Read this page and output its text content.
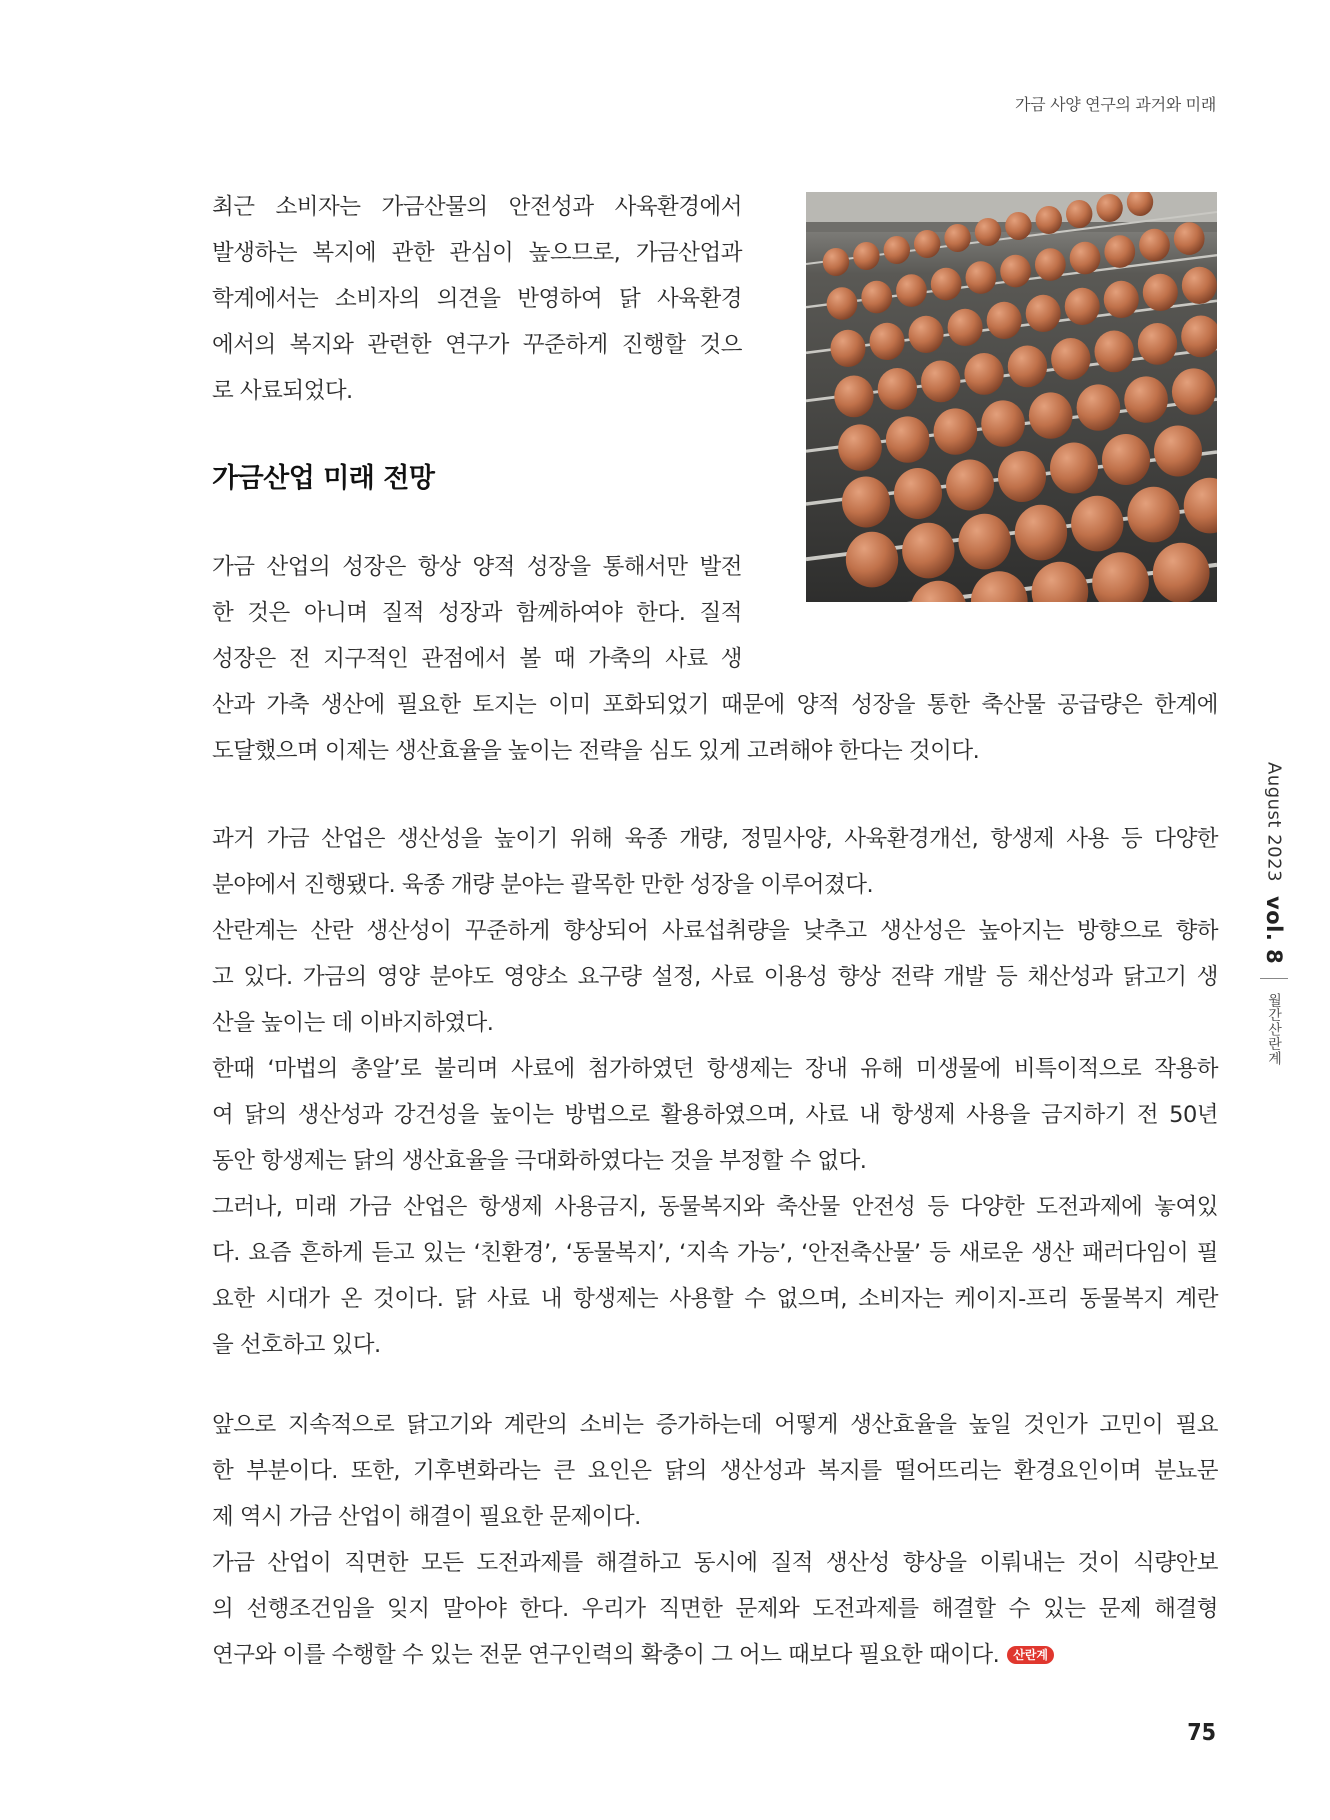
가금 사양 연구의 과거와 미래
August 2023
vol. 8
월간산란계
최근 소비자는 가금산물의 안전성과 사육환경에서
발생하는 복지에 관한 관심이 높으므로, 가금산업과
학계에서는 소비자의 의견을 반영하여 닭 사육환경
에서의 복지와 관련한 연구가 꾸준하게 진행할 것으
로 사료되었다.
가금산업 미래 전망
가금 산업의 성장은 항상 양적 성장을 통해서만 발전
한 것은 아니며 질적 성장과 함께하여야 한다. 질적
성장은 전 지구적인 관점에서 볼 때 가축의 사료 생
산과 가축 생산에 필요한 토지는 이미 포화되었기 때문에 양적 성장을 통한 축산물 공급량은 한계에
도달했으며 이제는 생산효율을 높이는 전략을 심도 있게 고려해야 한다는 것이다.
과거 가금 산업은 생산성을 높이기 위해 육종 개량, 정밀사양, 사육환경개선, 항생제 사용 등 다양한
분야에서 진행됐다. 육종 개량 분야는 괄목한 만한 성장을 이루어졌다.
산란계는 산란 생산성이 꾸준하게 향상되어 사료섭취량을 낮추고 생산성은 높아지는 방향으로 향하
고 있다. 가금의 영양 분야도 영양소 요구량 설정, 사료 이용성 향상 전략 개발 등 채산성과 닭고기 생
산을 높이는 데 이바지하였다.
한때 ‘마법의 총알’로 불리며 사료에 첨가하였던 항생제는 장내 유해 미생물에 비특이적으로 작용하
여 닭의 생산성과 강건성을 높이는 방법으로 활용하였으며, 사료 내 항생제 사용을 금지하기 전 50년
동안 항생제는 닭의 생산효율을 극대화하였다는 것을 부정할 수 없다.
그러나, 미래 가금 산업은 항생제 사용금지, 동물복지와 축산물 안전성 등 다양한 도전과제에 놓여있
다. 요즘 흔하게 듣고 있는 ‘친환경’, ‘동물복지’, ‘지속 가능’, ‘안전축산물’ 등 새로운 생산 패러다임이 필
요한 시대가 온 것이다. 닭 사료 내 항생제는 사용할 수 없으며, 소비자는 케이지-프리 동물복지 계란
을 선호하고 있다.
앞으로 지속적으로 닭고기와 계란의 소비는 증가하는데 어떻게 생산효율을 높일 것인가 고민이 필요
한 부분이다. 또한, 기후변화라는 큰 요인은 닭의 생산성과 복지를 떨어뜨리는 환경요인이며 분뇨문
제 역시 가금 산업이 해결이 필요한 문제이다.
가금 산업이 직면한 모든 도전과제를 해결하고 동시에 질적 생산성 향상을 이뤄내는 것이 식량안보
의 선행조건임을 잊지 말아야 한다. 우리가 직면한 문제와 도전과제를 해결할 수 있는 문제 해결형
연구와 이를 수행할 수 있는 전문 연구인력의 확충이 그 어느 때보다 필요한 때이다. 산란계
75
